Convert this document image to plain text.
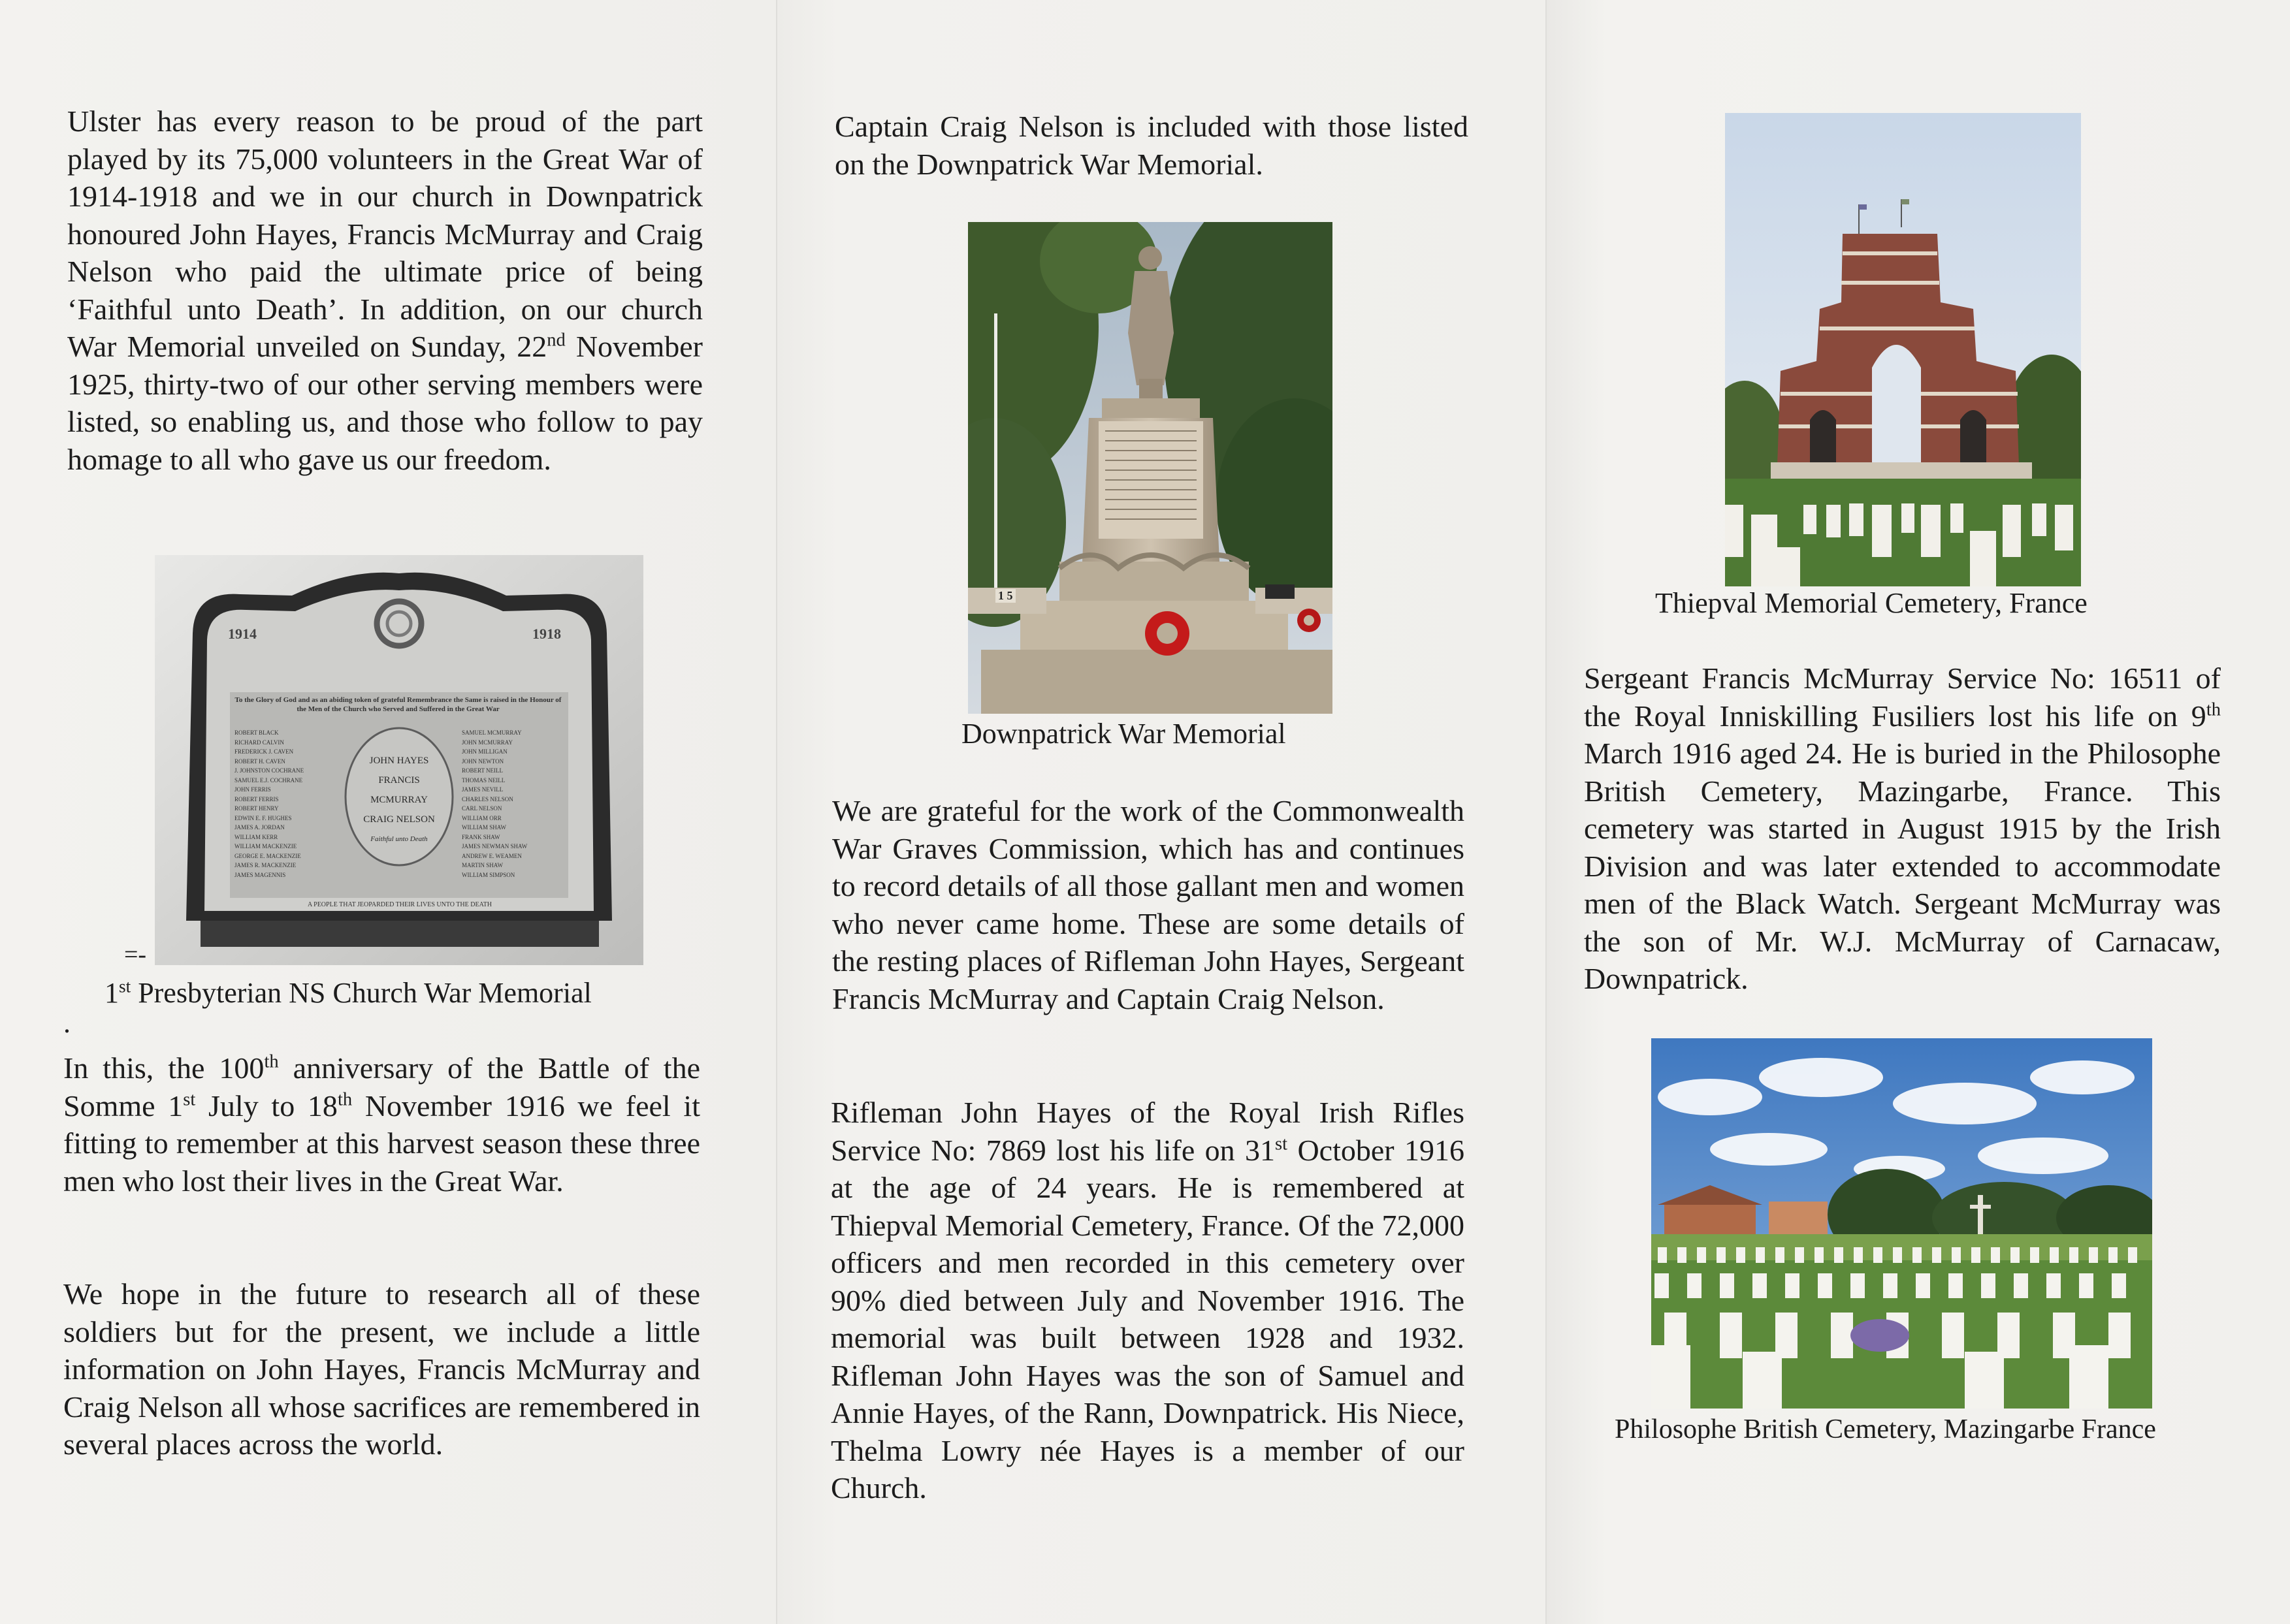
Ulster has every reason to be proud of the part played by its 75,000 volunteers in the Great War of 1914-1918 and we in our church in Downpatrick honoured John Hayes, Francis McMurray and Craig Nelson who paid the ultimate price of being ‘Faithful unto Death’. In addition, on our church War Memorial unveiled on Sunday, 22nd November 1925, thirty-two of our other serving members were listed, so enabling us, and those who follow to pay homage to all who gave us our freedom.

1914	1918
To the Glory of God and as an abiding token of grateful Remembrance the Same is raised in the Honour of the Men of the Church who Served and Suffered in the Great War
ROBERT BLACK
RICHARD CALVIN
FREDERICK J. CAVEN
ROBERT H. CAVEN
J. JOHNSTON COCHRANE
SAMUEL E.J. COCHRANE
JOHN FERRIS
ROBERT FERRIS
ROBERT HENRY
EDWIN E. F. HUGHES
JAMES A. JORDAN
WILLIAM KERR
WILLIAM MACKENZIE
GEORGE E. MACKENZIE
JAMES R. MACKENZIE
JAMES MAGENNIS
JOHN HAYES
FRANCIS MCMURRAY
CRAIG NELSON
Faithful unto Death
SAMUEL MCMURRAY
JOHN MCMURRAY
JOHN MILLIGAN
JOHN NEWTON
ROBERT NEILL
THOMAS NEILL
JAMES NEVILL
CHARLES NELSON
CARL NELSON
WILLIAM ORR
WILLIAM SHAW
FRANK SHAW
JAMES NEWMAN SHAW
ANDREW E. WEAMEN
MARTIN SHAW
WILLIAM SIMPSON
A PEOPLE THAT JEOPARDED THEIR LIVES UNTO THE DEATH
=-
1st Presbyterian NS Church War Memorial
.

In this, the 100th anniversary of the Battle of the Somme 1st July to 18th November 1916 we feel it fitting to remember at this harvest season these three men who lost their lives in the Great War.

We hope in the future to research all of these soldiers but for the present, we include a little information on John Hayes, Francis McMurray and Craig Nelson all whose sacrifices are remembered in several places across the world.

Captain Craig Nelson is included with those listed on the Downpatrick War Memorial.

1 5
Downpatrick War Memorial

We are grateful for the work of the Commonwealth War Graves Commission, which has and continues to record details of all those gallant men and women who never came home. These are some details of the resting places of Rifleman John Hayes, Sergeant Francis McMurray and Captain Craig Nelson.

Rifleman John Hayes of the Royal Irish Rifles Service No: 7869 lost his life on 31st October 1916 at the age of 24 years. He is remembered at Thiepval Memorial Cemetery, France. Of the 72,000 officers and men recorded in this cemetery over 90% died between July and November 1916. The memorial was built between 1928 and 1932. Rifleman John Hayes was the son of Samuel and Annie Hayes, of the Rann, Downpatrick. His Niece, Thelma Lowry née Hayes is a member of our Church.

Thiepval Memorial Cemetery, France

Sergeant Francis McMurray Service No: 16511 of the Royal Inniskilling Fusiliers lost his life on 9th March 1916 aged 24. He is buried in the Philosophe British Cemetery, Mazingarbe, France. This cemetery was started in August 1915 by the Irish Division and was later extended to accommodate men of the Black Watch. Sergeant McMurray was the son of Mr. W.J. McMurray of Carnacaw, Downpatrick.

Philosophe British Cemetery, Mazingarbe France
